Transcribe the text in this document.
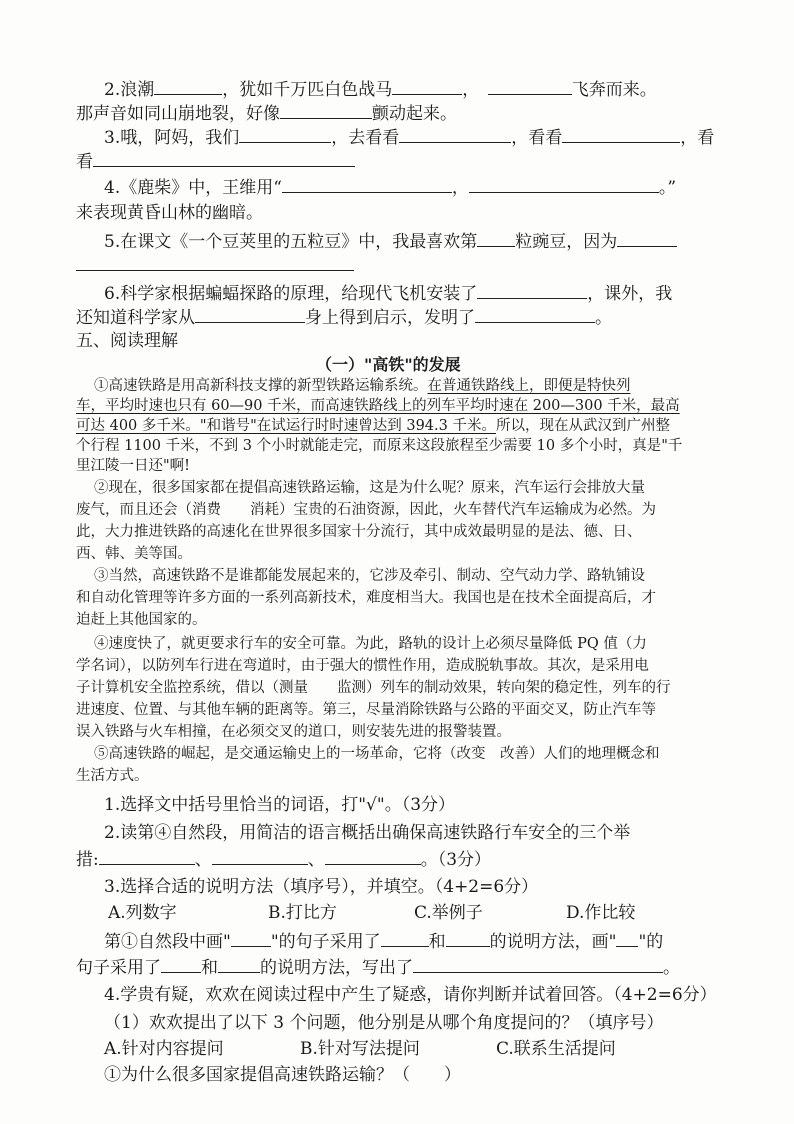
2.浪潮	，犹如千万匹白色战马	，　	飞奔而来。
那声音如同山崩地裂，好像	颤动起来。
3.哦，阿妈，我们	，去看看	，看看	，看
看
4.《鹿柴》中，王维用“	，	。”
来表现黄昏山林的幽暗。
5.在课文《一个豆荚里的五粒豆》中，我最喜欢第 粒豌豆，因为
6.科学家根据蝙蝠探路的原理，给现代飞机安装了	，课外，我
还知道科学家从	身上得到启示，发明了	。
五、阅读理解
（一）"高铁"的发展
①高速铁路是用高新科技支撑的新型铁路运输系统。在普通铁路线上，即便是特快列
车，平均时速也只有 60—90 千米，而高速铁路线上的列车平均时速在 200—300 千米，最高
可达 400 多千米。"和谐号"在试运行时时速曾达到 394.3 千米。所以，现在从武汉到广州整
个行程 1100 千米，不到 3 个小时就能走完，而原来这段旅程至少需要 10 多个小时，真是"千
里江陵一日还"啊!
②现在，很多国家都在提倡高速铁路运输，这是为什么呢？原来，汽车运行会排放大量
废气，而且还会（消费　　消耗）宝贵的石油资源，因此，火车替代汽车运输成为必然。为
此，大力推进铁路的高速化在世界很多国家十分流行，其中成效最明显的是法、德、日、
西、韩、美等国。
③当然，高速铁路不是谁都能发展起来的，它涉及牵引、制动、空气动力学、路轨铺设
和自动化管理等许多方面的一系列高新技术，难度相当大。我国也是在技术全面提高后，才
迫赶上其他国家的。
④速度快了，就更要求行车的安全可靠。为此，路轨的设计上必须尽量降低 PQ 值（力
学名词），以防列车行进在弯道时，由于强大的惯性作用，造成脱轨事故。其次，是采用电
子计算机安全监控系统，借以（测量　　监测）列车的制动效果，转向架的稳定性，列车的行
进速度、位置、与其他车辆的距离等。第三，尽量消除铁路与公路的平面交叉，防止汽车等
误入铁路与火车相撞，在必须交叉的道口，则安装先进的报警装置。
⑤高速铁路的崛起，是交通运输史上的一场革命，它将（改变　改善）人们的地理概念和
生活方式。
1.选择文中括号里恰当的词语，打"√"。（3分）
2.读第④自然段，用简洁的语言概括出确保高速铁路行车安全的三个举
措:	、	、	。（3分）
3.选择合适的说明方法（填序号），并填空。（4+2=6分）
A.列数字	B.打比方	C.举例子	D.作比较
第①自然段中画" "的句子采用了	和	的说明方法，画" "的
句子采用了 和 的说明方法，写出了	。
4.学贵有疑，欢欢在阅读过程中产生了疑惑，请你判断并试着回答。（4+2=6分）
（1）欢欢提出了以下 3 个问题，他分别是从哪个角度提问的？（填序号）
A.针对内容提问	B.针对写法提问	C.联系生活提问
①为什么很多国家提倡高速铁路运输？（　　）
